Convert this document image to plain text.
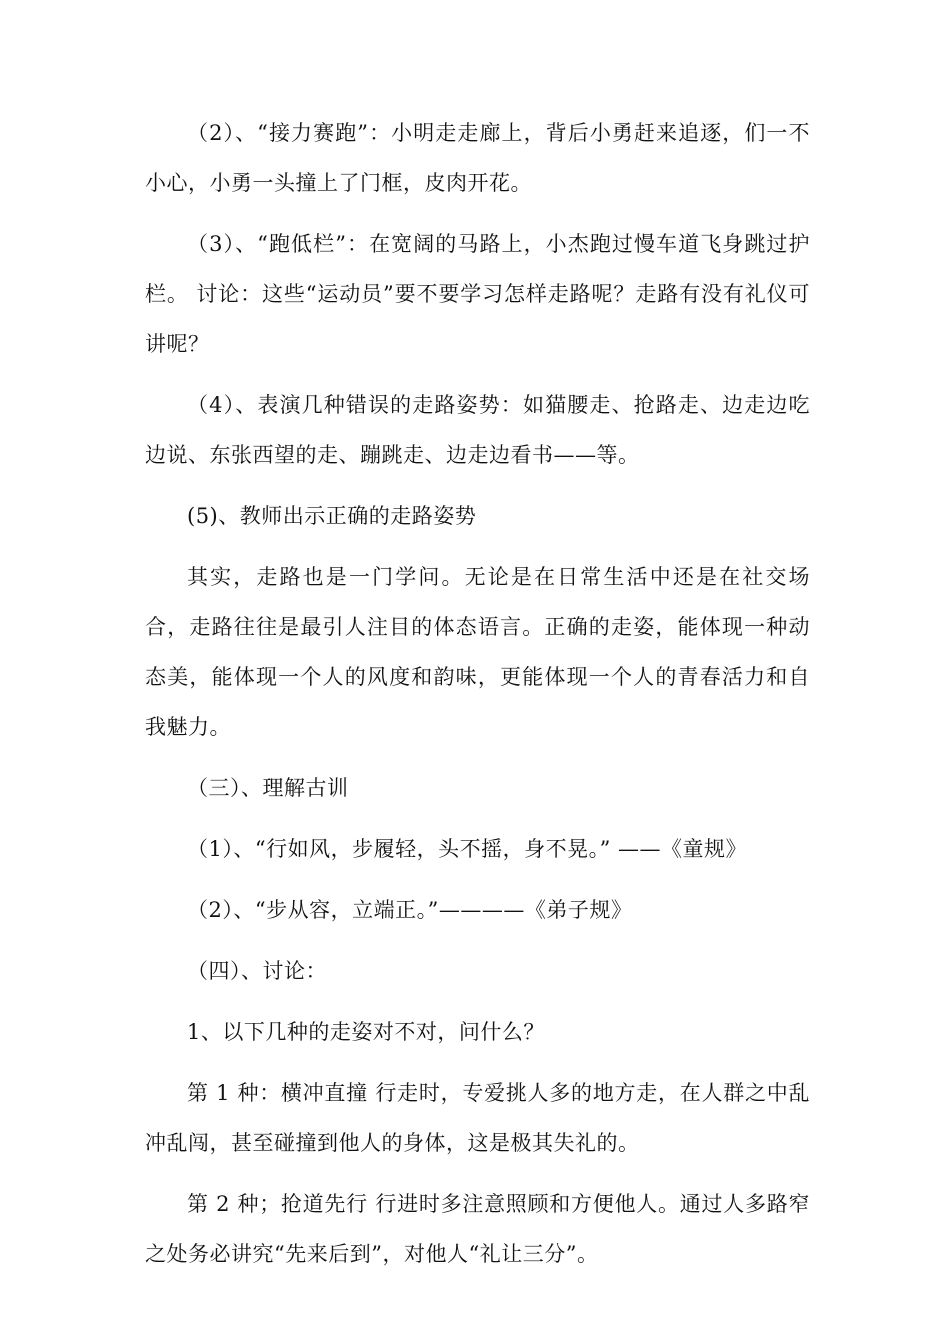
（2）、“接力赛跑”：小明走走廊上，背后小勇赶来追逐，们一不小心，小勇一头撞上了门框，皮肉开花。

（3）、“跑低栏”：在宽阔的马路上，小杰跑过慢车道飞身跳过护栏。 讨论：这些“运动员”要不要学习怎样走路呢？走路有没有礼仪可讲呢？

（4）、表演几种错误的走路姿势：如猫腰走、抢路走、边走边吃边说、东张西望的走、蹦跳走、边走边看书——等。

(5)、教师出示正确的走路姿势

其实，走路也是一门学问。无论是在日常生活中还是在社交场合，走路往往是最引人注目的体态语言。正确的走姿，能体现一种动态美，能体现一个人的风度和韵味，更能体现一个人的青春活力和自我魅力。

（三）、理解古训

（1）、“行如风，步履轻，头不摇，身不晃。” ——《童规》

（2）、“步从容，立端正。”————《弟子规》

（四）、讨论：

1、以下几种的走姿对不对，问什么？

第 1 种：横冲直撞 行走时，专爱挑人多的地方走，在人群之中乱冲乱闯，甚至碰撞到他人的身体，这是极其失礼的。

第 2 种；抢道先行 行进时多注意照顾和方便他人。通过人多路窄之处务必讲究“先来后到”，对他人“礼让三分”。
